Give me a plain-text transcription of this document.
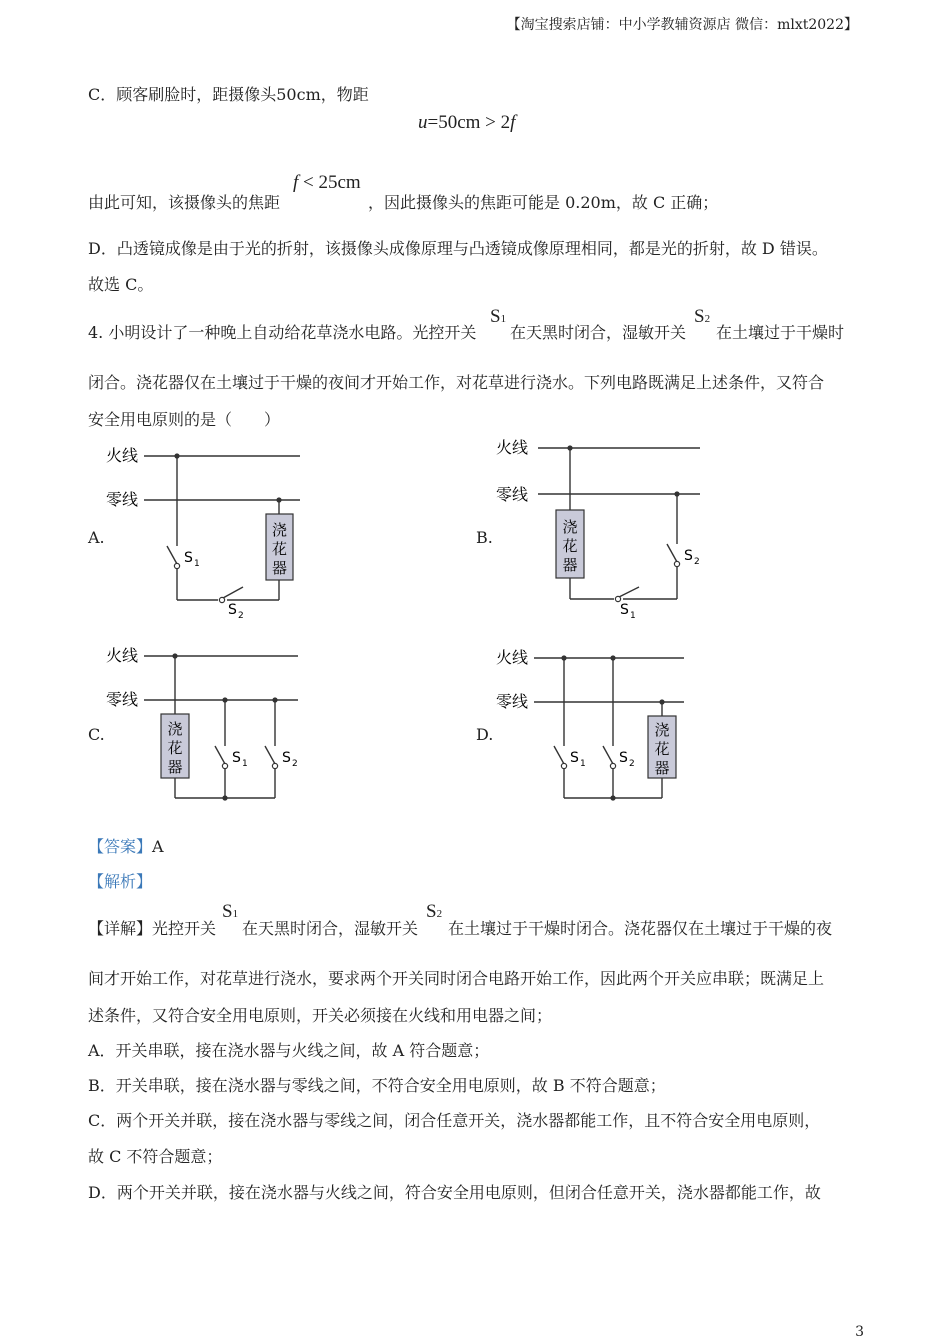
【淘宝搜索店铺：中小学教辅资源店 微信：mlxt2022】
3
C．顾客刷脸时，距摄像头50cm，物距
u=50cm > 2f
由此可知，该摄像头的焦距
f < 25cm
，因此摄像头的焦距可能是 0.20m，故 C 正确；
D．凸透镜成像是由于光的折射，该摄像头成像原理与凸透镜成像原理相同，都是光的折射，故 D 错误。
故选 C。
4. 小明设计了一种晚上自动给花草浇水电路。光控开关
S1
在天黑时闭合，湿敏开关
S2
在土壤过于干燥时
闭合。浇花器仅在土壤过于干燥的夜间才开始工作，对花草进行浇水。下列电路既满足上述条件，又符合
安全用电原则的是（　　）
A.	B.
C.	D.
浇
花
器
火线
零线
S 1
S 2
浇
花
器
火线
零线
S 2
S 1
浇
花
器
火线
零线
S 1 S 2
浇
花
器
火线
零线
S 1 S 2
【答案】A
【解析】
【详解】光控开关
S1
在天黑时闭合，湿敏开关
S2
在土壤过于干燥时闭合。浇花器仅在土壤过于干燥的夜
间才开始工作，对花草进行浇水，要求两个开关同时闭合电路开始工作，因此两个开关应串联；既满足上
述条件，又符合安全用电原则，开关必须接在火线和用电器之间；
A．开关串联，接在浇水器与火线之间，故 A 符合题意；
B．开关串联，接在浇水器与零线之间，不符合安全用电原则，故 B 不符合题意；
C．两个开关并联，接在浇水器与零线之间，闭合任意开关，浇水器都能工作，且不符合安全用电原则，
故 C 不符合题意；
D．两个开关并联，接在浇水器与火线之间，符合安全用电原则，但闭合任意开关，浇水器都能工作，故
